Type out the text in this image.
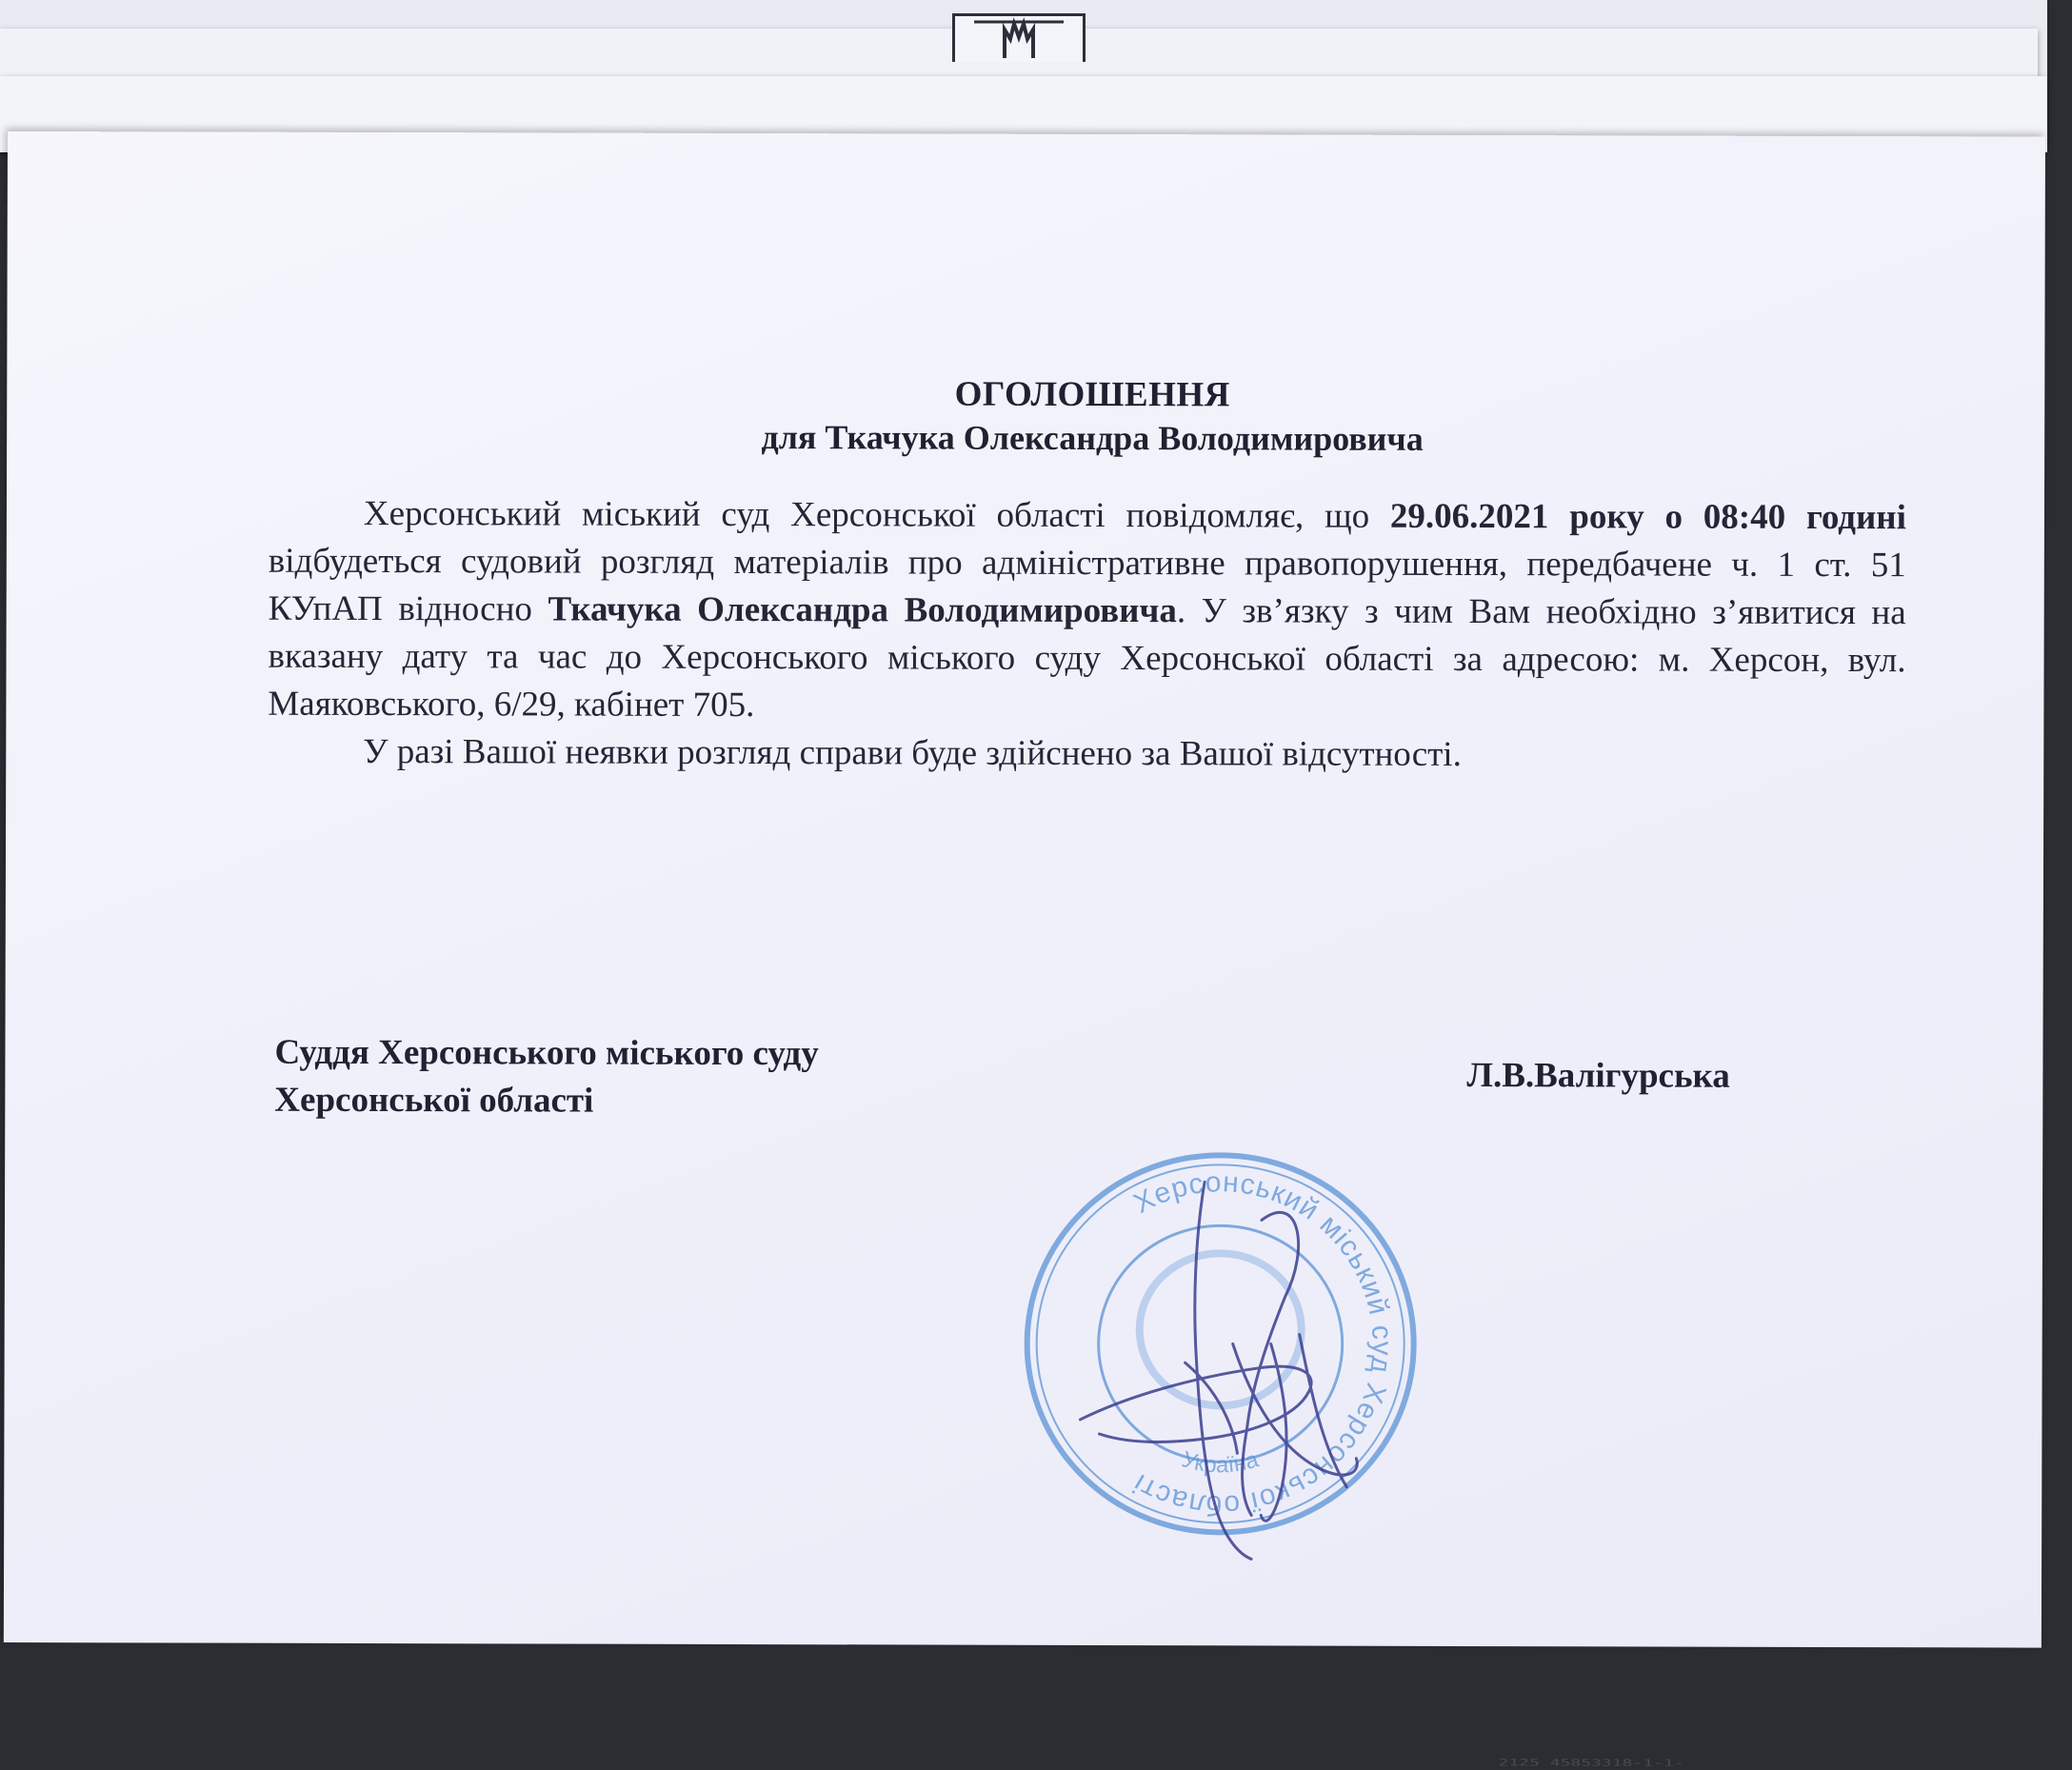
ОГОЛОШЕННЯ
для Ткачука Олександра Володимировича

Херсонський міський суд Херсонської області повідомляє, що 29.06.2021 року о 08:40 годині відбудеться судовий розгляд матеріалів про адміністративне правопорушення, передбачене ч. 1 ст. 51 КУпАП відносно Ткачука Олександра Володимировича. У зв’язку з чим Вам необхідно з’явитися на вказану дату та час до Херсонського міського суду Херсонської області за адресою: м. Херсон, вул. Маяковського, 6/29, кабінет 705.

У разі Вашої неявки розгляд справи буде здійснено за Вашої відсутності.

Суддя Херсонського міського суду
Херсонської області
Л.В.Валігурська
Херсонський міський суд Херсонської області
Україна
2125 45853318-1-1-
